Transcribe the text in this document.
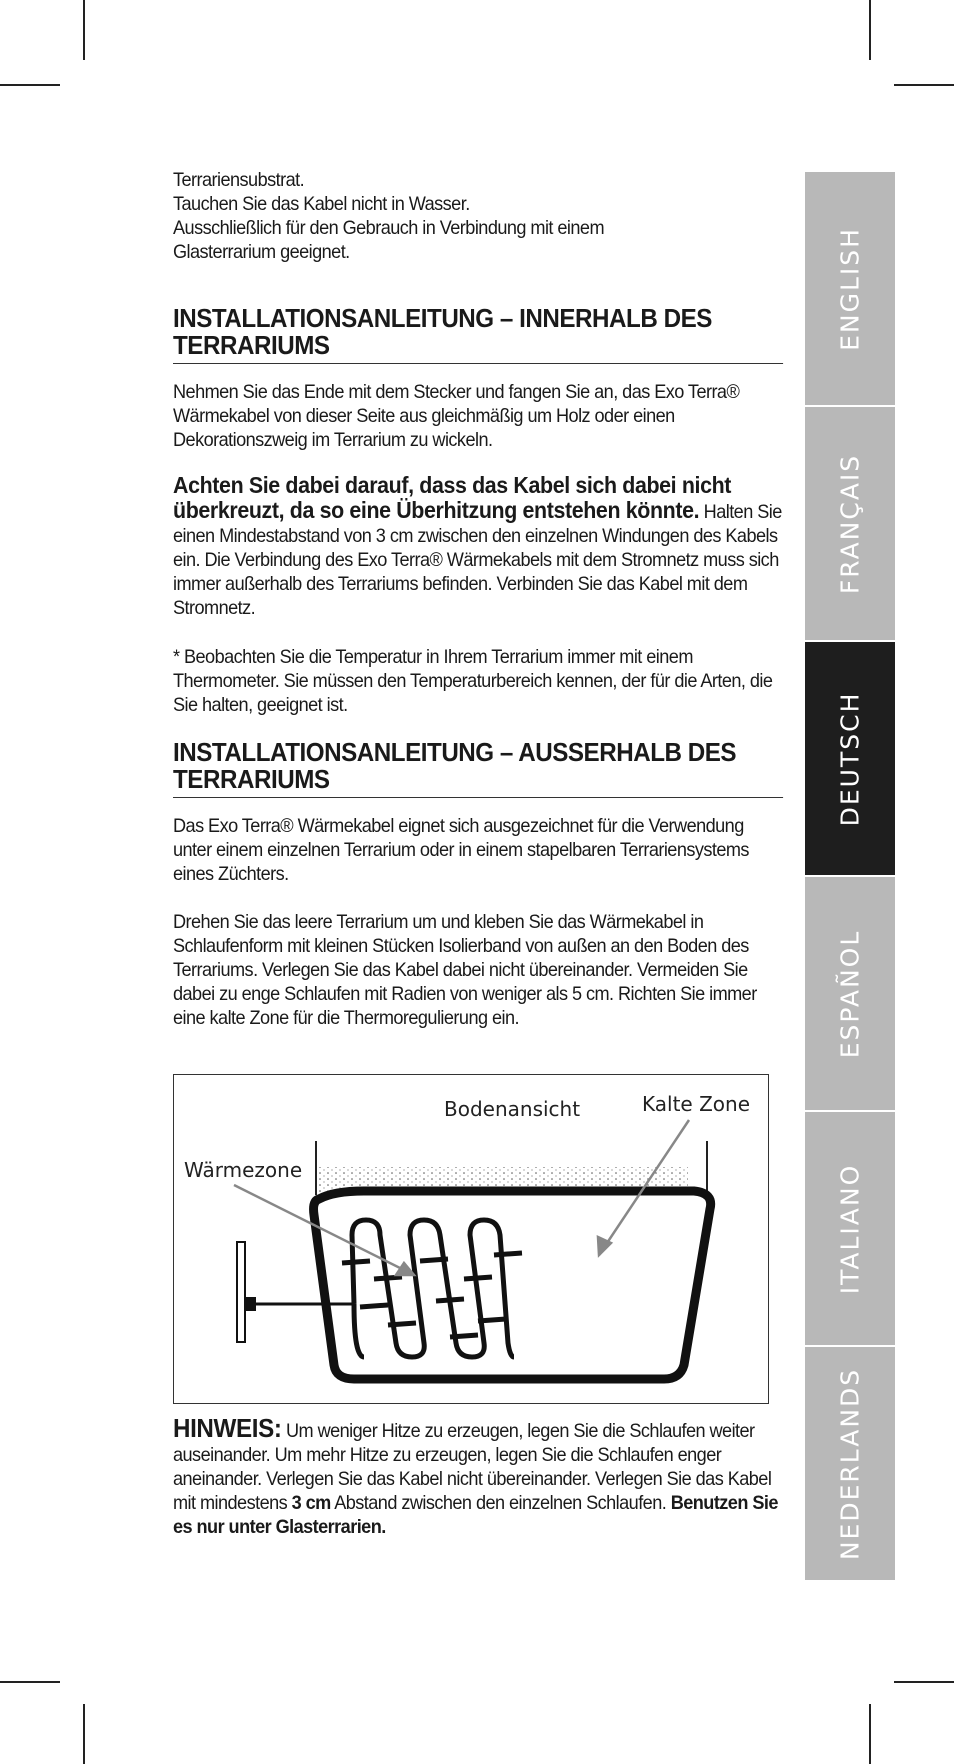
Terrariensubstrat.

Tauchen Sie das Kabel nicht in Wasser.

Ausschließlich für den Gebrauch in Verbindung mit einem

Glasterrarium geeignet.

INSTALLATIONSANLEITUNG – INNERHALB DES
TERRARIUMS

Nehmen Sie das Ende mit dem Stecker und fangen Sie an, das Exo Terra® Wärmekabel von dieser Seite aus gleichmäßig um Holz oder einen Dekorationszweig im Terrarium zu wickeln.

Achten Sie dabei darauf, dass das Kabel sich dabei nicht überkreuzt, da so eine Überhitzung entstehen könnte. Halten Sie einen Mindestabstand von 3 cm zwischen den einzelnen Windungen des Kabels ein. Die Verbindung des Exo Terra® Wärmekabels mit dem Stromnetz muss sich immer außerhalb des Terrariums befinden. Verbinden Sie das Kabel mit dem Stromnetz.

* Beobachten Sie die Temperatur in Ihrem Terrarium immer mit einem Thermometer. Sie müssen den Temperaturbereich kennen, der für die Arten, die Sie halten, geeignet ist.

INSTALLATIONSANLEITUNG – AUSSERHALB DES
TERRARIUMS

Das Exo Terra® Wärmekabel eignet sich ausgezeichnet für die Verwendung unter einem einzelnen Terrarium oder in einem stapelbaren Terrariensystems eines Züchters.

Drehen Sie das leere Terrarium um und kleben Sie das Wärmekabel in Schlaufenform mit kleinen Stücken Isolierband von außen an den Boden des Terrariums. Verlegen Sie das Kabel dabei nicht übereinander. Vermeiden Sie dabei zu enge Schlaufen mit Radien von weniger als 5 cm. Richten Sie immer eine kalte Zone für die Thermoregulierung ein.

Bodenansicht	Kalte Zone
Wärmezone

HINWEIS: Um weniger Hitze zu erzeugen, legen Sie die Schlaufen weiter auseinander. Um mehr Hitze zu erzeugen, legen Sie die Schlaufen enger aneinander. Verlegen Sie das Kabel nicht übereinander. Verlegen Sie das Kabel mit mindestens 3 cm Abstand zwischen den einzelnen Schlaufen. Benutzen Sie es nur unter Glasterrarien.

ENGLISH
FRANÇAIS
DEUTSCH
ESPAÑOL
ITALIANO
NEDERLANDS
